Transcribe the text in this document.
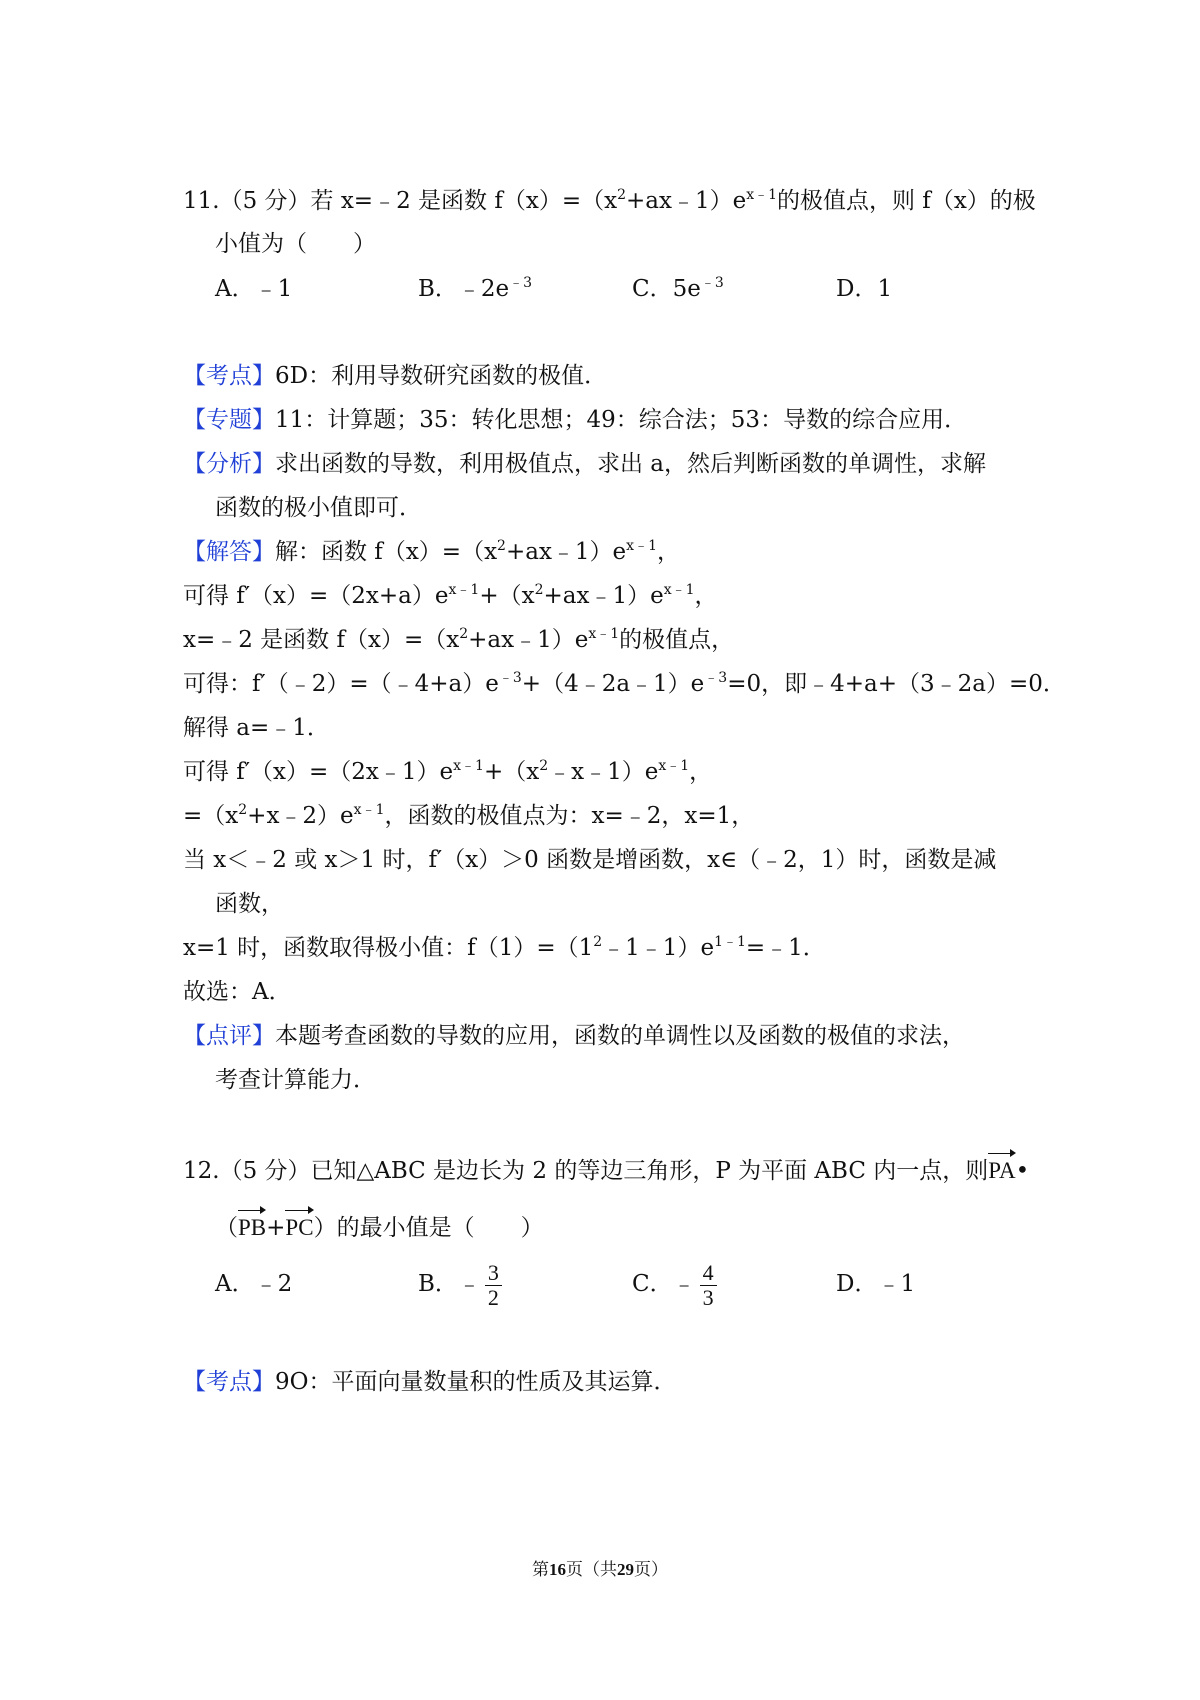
11.（5 分）若 x=﹣2 是函数 $f(x)=(x^2+ax﹣1)e^{x﹣1}$的极值点，则 f（x）的极
小值为（　　）
A．﹣1	B．$﹣2e^{﹣3}$	C．$5e^{﹣3}$	D．1
【考点】6D：利用导数研究函数的极值．
【专题】11：计算题；35：转化思想；49：综合法；53：导数的综合应用．
【分析】求出函数的导数，利用极值点，求出 a，然后判断函数的单调性，求解
函数的极小值即可．
【解答】解：函数 $f(x)=(x^2+ax﹣1)e^{x﹣1}$，
可得 $f'(x)=(2x+a)e^{x﹣1}+(x^2+ax﹣1)e^{x﹣1}$，
x=﹣2 是函数 $f(x)=(x^2+ax﹣1)e^{x﹣1}$的极值点，
可得：$f'(﹣2)=(﹣4+a)e^{﹣3}+(4﹣2a﹣1)e^{﹣3}=0$，即﹣4+a+（3﹣2a）=0．
解得 a=﹣1．
可得 $f'(x)=(2x﹣1)e^{x﹣1}+(x^2﹣x﹣1)e^{x﹣1}$，
$=(x^2+x﹣2)e^{x﹣1}$，函数的极值点为：x=﹣2，x=1，
当 x＜﹣2 或 x＞1 时，f′（x）＞0 函数是增函数，x∈（﹣2，1）时，函数是减
函数，
x=1 时，函数取得极小值：$f(1)=(1^2﹣1﹣1)e^{1﹣1}=﹣1$．
故选：A．
【点评】本题考查函数的导数的应用，函数的单调性以及函数的极值的求法，
考查计算能力．
12.（5 分）已知△ABC 是边长为 2 的等边三角形，P 为平面 ABC 内一点，则PA•
（PB+PC）的最小值是（　　）
A．﹣2	B．﹣ $\frac{3}{2}$	C．﹣ $\frac{4}{3}$	D．﹣1
【考点】9O：平面向量数量积的性质及其运算．
第16页（共29页）
